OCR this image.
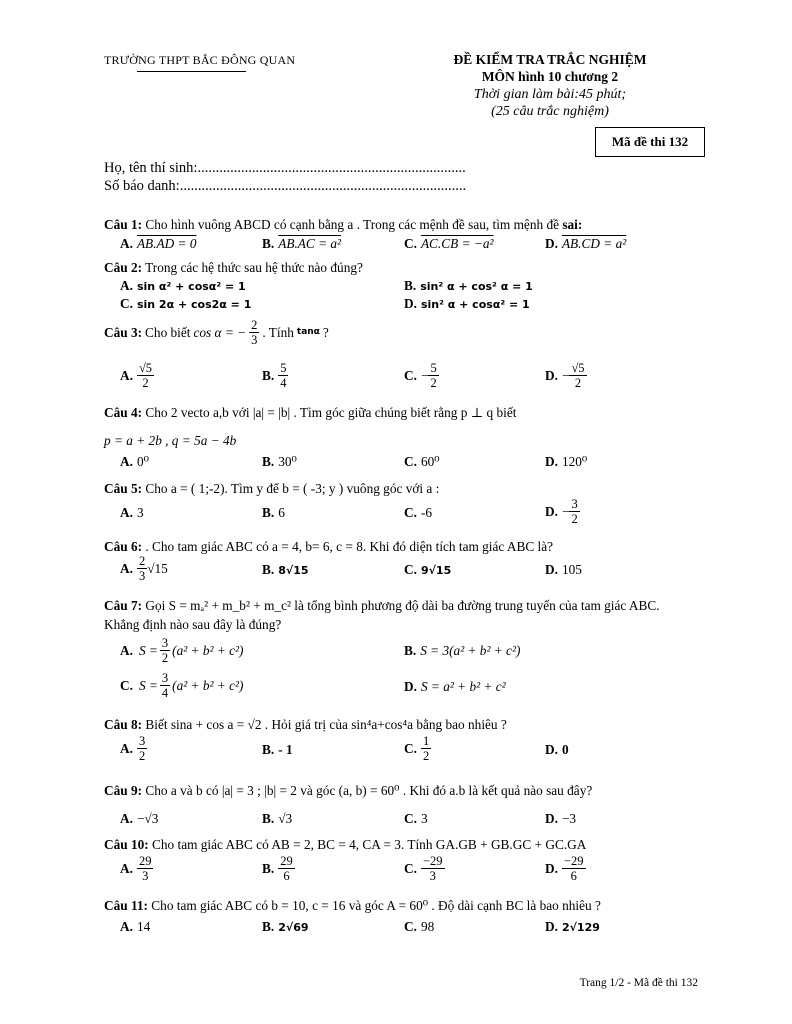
TRƯỜNG THPT BẮC ĐÔNG QUAN	ĐỀ KIỂM TRA TRẮC NGHIỆM
MÔN hình 10 chương 2
Thời gian làm bài:45 phút;
(25 câu trắc nghiệm)
Mã đề thi 132
Họ, tên thí sinh:..........................................................................
Số báo danh:...............................................................................
Câu 1: Cho hình vuông ABCD có cạnh bằng a . Trong các mệnh đề sau, tìm mệnh đề sai:
A. AB.AD = 0	B. AB.AC = a²	C. AC.CB = −a²	D. AB.CD = a²
Câu 2: Trong các hệ thức sau hệ thức nào đúng?
A. sin α² + cosα² = 1	B. sin² α + cos² α = 1
C. sin 2α + cos2α = 1	D. sin² α + cosα² = 1
Câu 3: Cho biết cos α = − $\frac{2}{3}$ . Tính tanα ?
A. $\frac{√5}{2}$	B. $\frac{5}{4}$	C. − $\frac{5}{2}$	D. − $\frac{√5}{2}$
Câu 4: Cho 2 vecto a,b với |a| = |b| . Tìm góc giữa chúng biết rằng p ⊥ q biết
p = a + 2b , q = 5a − 4b
A. 0⁰	B. 30⁰	C. 60⁰	D. 120⁰
Câu 5: Cho a = ( 1;-2). Tìm y để b = ( -3; y ) vuông góc với a :
A. 3	B. 6	C. -6	D. − $\frac{3}{2}$
Câu 6: . Cho tam giác ABC có a = 4, b= 6, c = 8. Khi đó diện tích tam giác ABC là?
A. $\frac{2}{3} √15$	B. 8√15	C. 9√15	D. 105
Câu 7: Gọi S = mₐ² + m_b² + m_c² là tổng bình phương độ dài ba đường trung tuyến của tam giác ABC.
Khẳng định nào sau đây là đúng?
A. $S = \frac{3}{2} (a^2 + b^2 + c^2)$	B. S = 3(a² + b² + c²)
C. $S = \frac{3}{4} (a^2 + b^2 + c^2)$	D. S = a² + b² + c²
Câu 8: Biết sina + cos a = √2 . Hỏi giá trị của sin⁴a+cos⁴a bằng bao nhiêu ?
A. $\frac{3}{2}$	B. - 1	C. $\frac{1}{2}$	D. 0
Câu 9: Cho a và b có |a| = 3 ; |b| = 2 và góc (a, b) = 60⁰ . Khi đó a.b là kết quả nào sau đây?
A. −√3	B. √3	C. 3	D. −3
Câu 10: Cho tam giác ABC có AB = 2, BC = 4, CA = 3. Tính GA.GB + GB.GC + GC.GA
A. $\frac{29}{3}$	B. $\frac{29}{6}$	C. $\frac{-29}{3}$	D. $\frac{-29}{6}$
Câu 11: Cho tam giác ABC có b = 10, c = 16 và góc A = 60⁰ . Độ dài cạnh BC là bao nhiêu ?
A. 14	B. 2√69	C. 98	D. 2√129
Trang 1/2 - Mã đề thi 132
